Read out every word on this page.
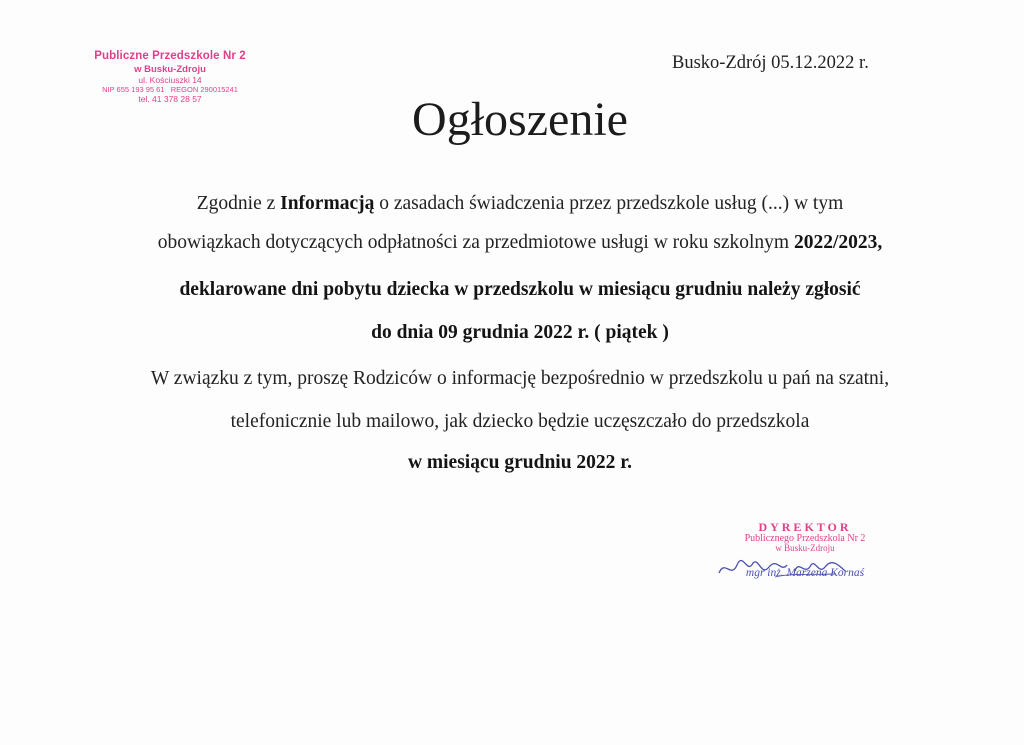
Publiczne Przedszkole Nr 2
w Busku-Zdroju
ul. Kościuszki 14
NIP 655 193 95 61   REGON 290015241
tel. 41 378 28 57
Busko-Zdrój 05.12.2022 r.
Ogłoszenie
Zgodnie z Informacją o zasadach świadczenia przez przedszkole usług (...) w tym
obowiązkach dotyczących odpłatności za przedmiotowe usługi w roku szkolnym 2022/2023,
deklarowane dni pobytu dziecka w przedszkolu w miesiącu grudniu należy zgłosić
do dnia 09 grudnia 2022 r. ( piątek )
W związku z tym, proszę Rodziców o informację bezpośrednio w przedszkolu u pań na szatni,
telefonicznie lub mailowo, jak dziecko będzie uczęszczało do przedszkola
w miesiącu grudniu 2022 r.
DYREKTOR
Publicznego Przedszkola Nr 2
w Busku-Zdroju
mgr inż. Marzena Kornaś
